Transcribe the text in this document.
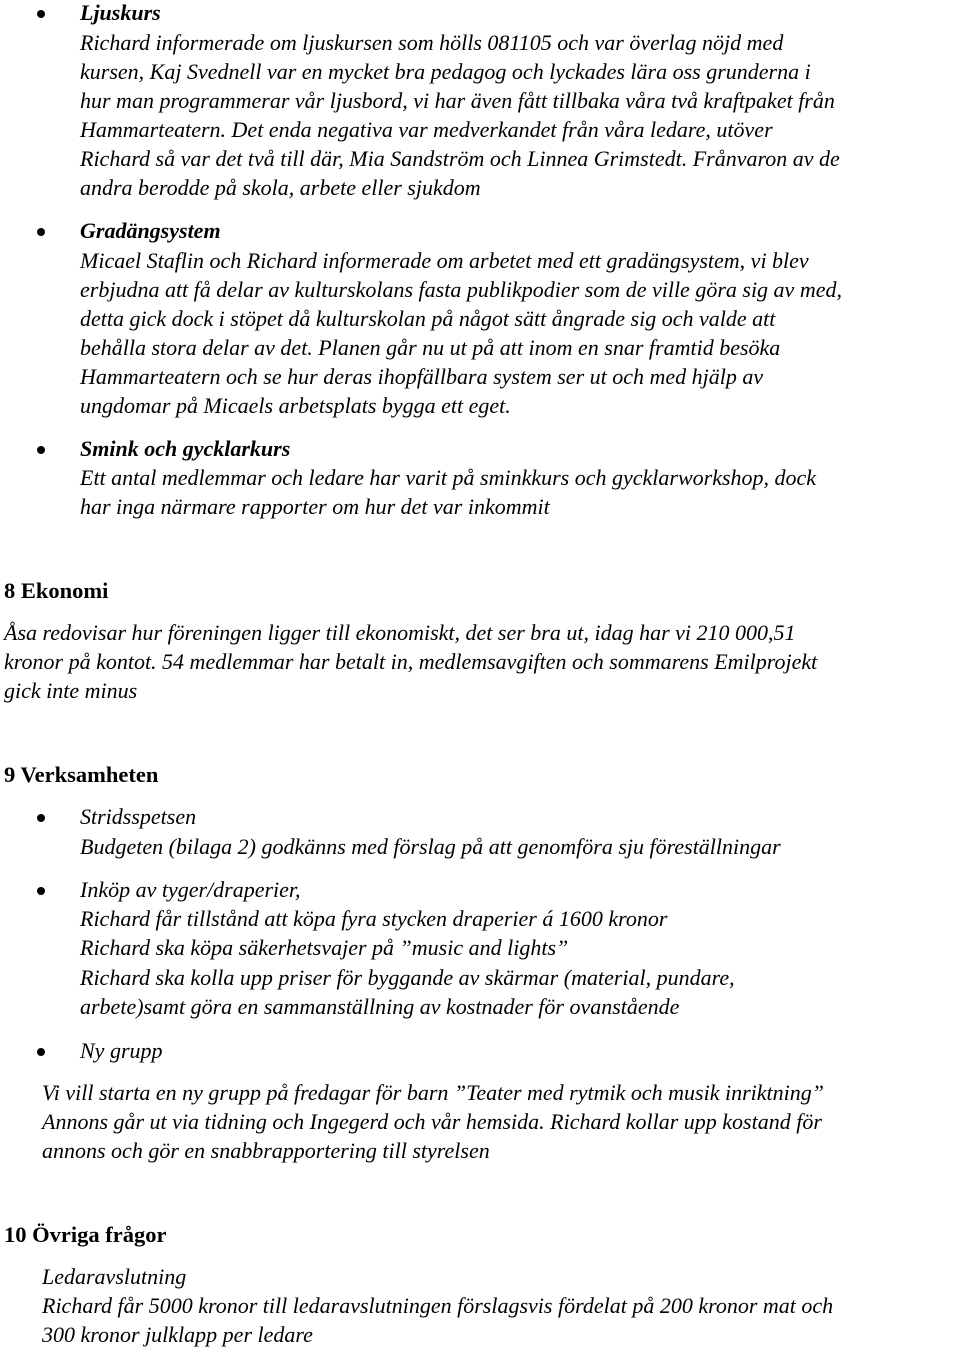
Ljuskurs
Richard informerade om ljuskursen som hölls 081105 och var överlag nöjd med
kursen, Kaj Svednell var en mycket bra pedagog och lyckades lära oss grunderna i
hur man programmerar vår ljusbord, vi har även fått tillbaka våra två kraftpaket från
Hammarteatern. Det enda negativa var medverkandet från våra ledare, utöver
Richard så var det två till där, Mia Sandström och Linnea Grimstedt. Frånvaron av de
andra berodde på skola, arbete eller sjukdom
Gradängsystem
Micael Staflin och Richard informerade om arbetet med ett gradängsystem, vi blev
erbjudna att få delar av kulturskolans fasta publikpodier som de ville göra sig av med,
detta gick dock i stöpet då kulturskolan på något sätt ångrade sig och valde att
behålla stora delar av det. Planen går nu ut på att inom en snar framtid besöka
Hammarteatern och se hur deras ihopfällbara system ser ut och med hjälp av
ungdomar på Micaels arbetsplats bygga ett eget.
Smink och gycklarkurs
Ett antal medlemmar och ledare har varit på sminkkurs och gycklarworkshop, dock
har inga närmare rapporter om hur det var inkommit
8 Ekonomi
Åsa redovisar hur föreningen ligger till ekonomiskt, det ser bra ut, idag har vi 210 000,51
kronor på kontot. 54 medlemmar har betalt in, medlemsavgiften och sommarens Emilprojekt
gick inte minus
9 Verksamheten
Stridsspetsen
Budgeten (bilaga 2) godkänns med förslag på att genomföra sju föreställningar
Inköp av tyger/draperier,
Richard får tillstånd att köpa fyra stycken draperier á 1600 kronor
Richard ska köpa säkerhetsvajer på ”music and lights”
Richard ska kolla upp priser för byggande av skärmar (material, pundare,
arbete)samt göra en sammanställning av kostnader för ovanstående
Ny grupp
Vi vill starta en ny grupp på fredagar för barn ”Teater med rytmik och musik inriktning”
Annons går ut via tidning och Ingegerd och vår hemsida. Richard kollar upp kostand för
annons och gör en snabbrapportering till styrelsen
10 Övriga frågor
Ledaravslutning
Richard får 5000 kronor till ledaravslutningen förslagsvis fördelat på 200 kronor mat och
300 kronor julklapp per ledare
